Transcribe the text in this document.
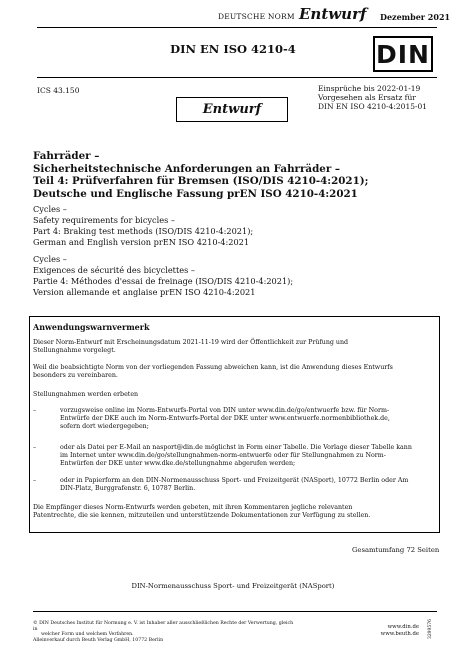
DEUTSCHE NORM Entwurf Dezember 2021
DIN EN ISO 4210-4	DIN
ICS 43.150	Einsprüche bis 2022-01-19
Vorgesehen als Ersatz für
DIN EN ISO 4210-4:2015-01
Entwurf
Fahrräder –
Sicherheitstechnische Anforderungen an Fahrräder –
Teil 4: Prüfverfahren für Bremsen (ISO/DIS 4210-4:2021);
Deutsche und Englische Fassung prEN ISO 4210-4:2021
Cycles –
Safety requirements for bicycles –
Part 4: Braking test methods (ISO/DIS 4210-4:2021);
German and English version prEN ISO 4210-4:2021
Cycles –
Exigences de sécurité des bicyclettes –
Partie 4: Méthodes d'essai de freinage (ISO/DIS 4210-4:2021);
Version allemande et anglaise prEN ISO 4210-4:2021
Anwendungswarnvermerk
Dieser Norm-Entwurf mit Erscheinungsdatum 2021-11-19 wird der Öffentlichkeit zur Prüfung und
Stellungnahme vorgelegt.
Weil die beabsichtigte Norm von der vorliegenden Fassung abweichen kann, ist die Anwendung dieses Entwurfs
besonders zu vereinbaren.
Stellungnahmen werden erbeten
–	vorzugsweise online im Norm-Entwurfs-Portal von DIN unter www.din.de/go/entwuerfe bzw. für Norm-
Entwürfe der DKE auch im Norm-Entwurfs-Portal der DKE unter www.entwuerfe.normenbibliothek.de,
sofern dort wiedergegeben;
–	oder als Datei per E-Mail an nasport@din.de möglichst in Form einer Tabelle. Die Vorlage dieser Tabelle kann
im Internet unter www.din.de/go/stellungnahmen-norm-entwuerfe oder für Stellungnahmen zu Norm-
Entwürfen der DKE unter www.dke.de/stellungnahme abgerufen werden;
–	oder in Papierform an den DIN-Normenausschuss Sport- und Freizeitgerät (NASport), 10772 Berlin oder Am
DIN-Platz, Burggrafenstr. 6, 10787 Berlin.
Die Empfänger dieses Norm-Entwurfs werden gebeten, mit ihren Kommentaren jegliche relevanten
Patentrechte, die sie kennen, mitzuteilen und unterstützende Dokumentationen zur Verfügung zu stellen.
Gesamtumfang 72 Seiten
DIN-Normenausschuss Sport- und Freizeitgerät (NASport)
© DIN Deutsches Institut für Normung e. V. ist Inhaber aller ausschließlichen Rechte der Verwertung, gleich in
welcher Form und welchem Verfahren.
Alleinverkauf durch Beuth Verlag GmbH, 10772 Berlin
www.din.de
www.beuth.de 3299576
